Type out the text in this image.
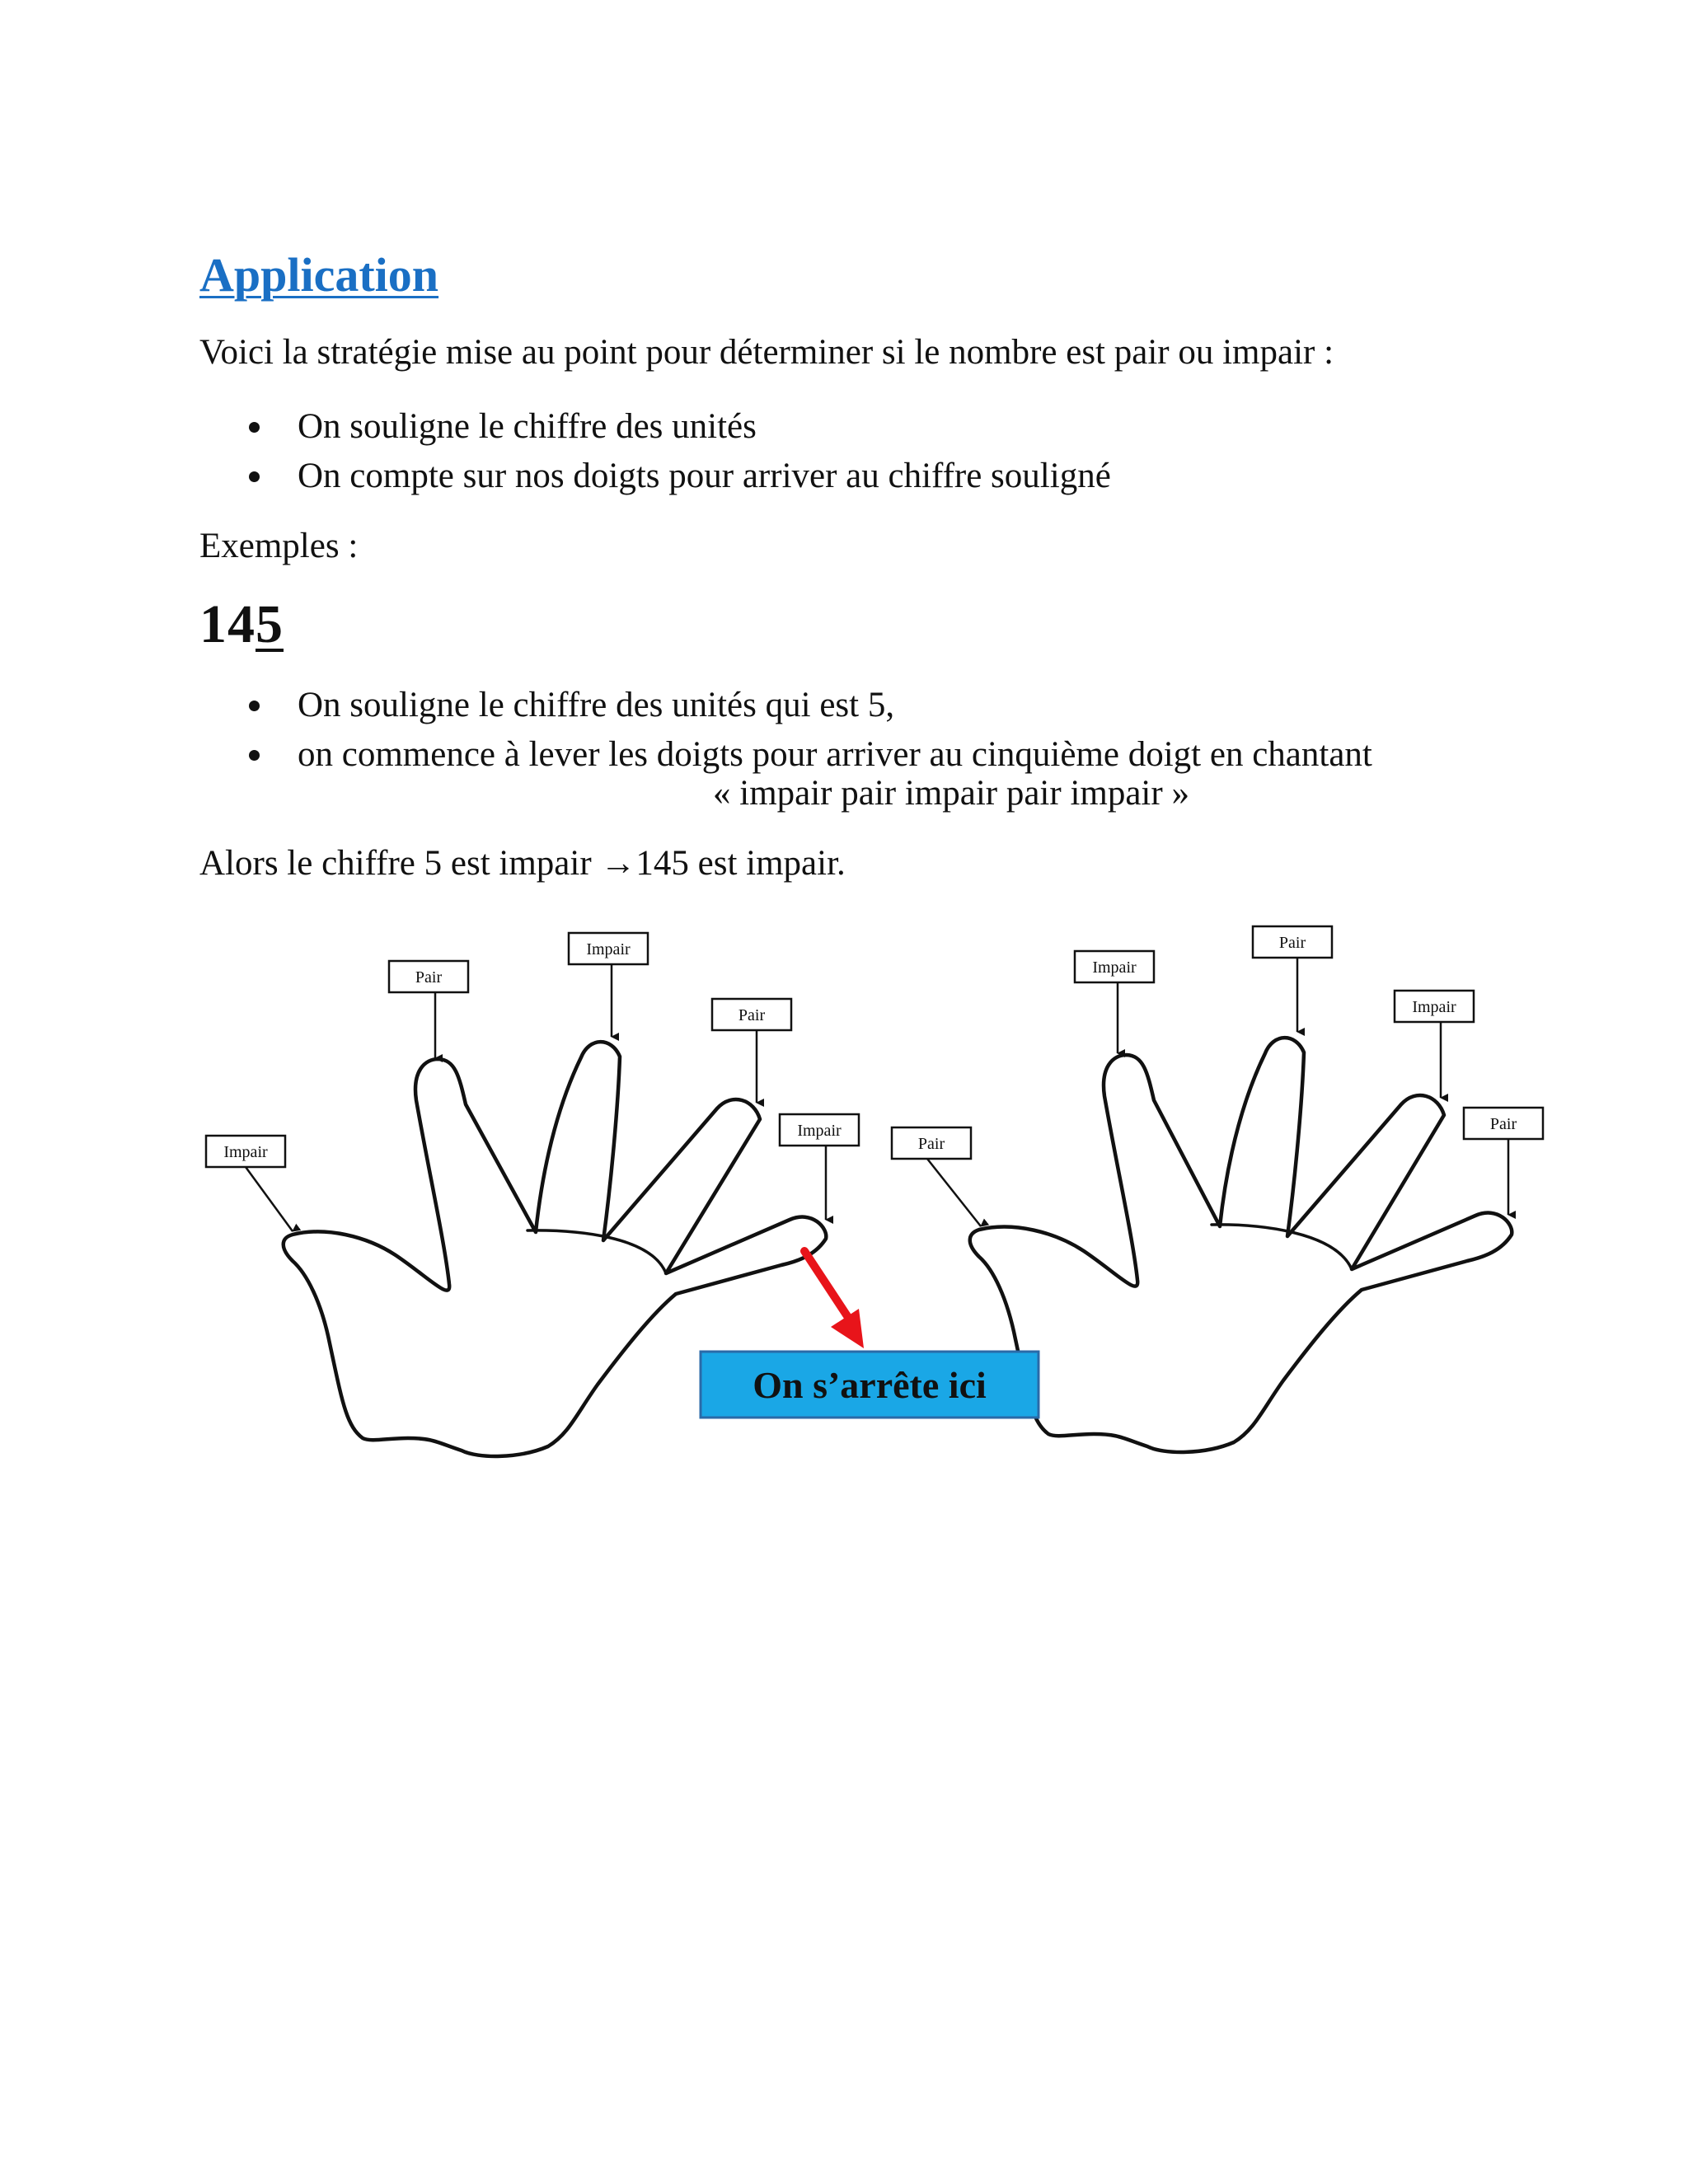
Application

Voici la stratégie mise au point pour déterminer si le nombre est pair ou impair :

On souligne le chiffre des unités
On compte sur nos doigts pour arriver au chiffre souligné

Exemples :

145

On souligne le chiffre des unités qui est 5,
on commence à lever les doigts pour arriver au cinquième doigt en chantant

« impair pair impair pair impair »

Alors le chiffre 5 est impair →145 est impair.

Impair
Pair
Impair
Pair
Impair
Pair
Impair
Pair
Impair
Pair
On s’arrête ici
